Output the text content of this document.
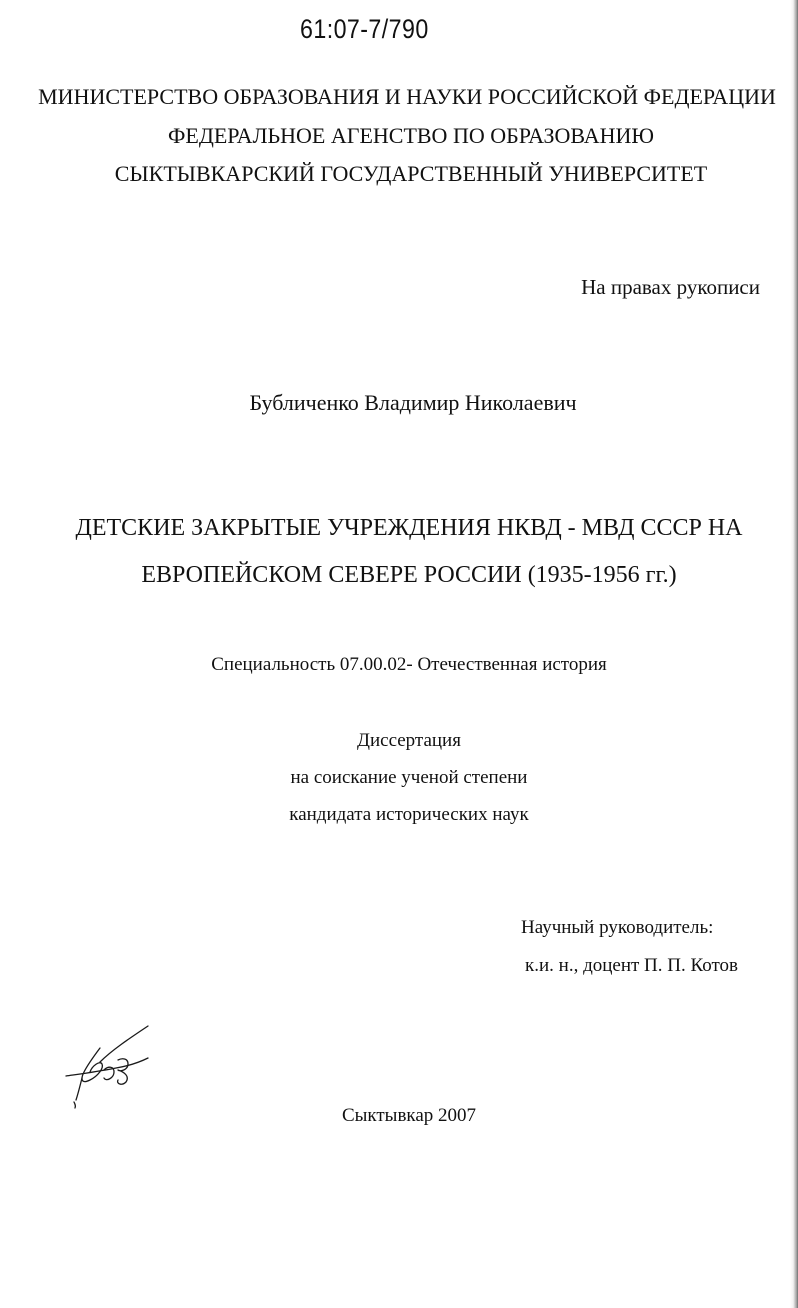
61:07-7/790
МИНИСТЕРСТВО ОБРАЗОВАНИЯ И НАУКИ РОССИЙСКОЙ ФЕДЕРАЦИИ
ФЕДЕРАЛЬНОЕ АГЕНСТВО ПО ОБРАЗОВАНИЮ
СЫКТЫВКАРСКИЙ ГОСУДАРСТВЕННЫЙ УНИВЕРСИТЕТ
На правах рукописи
Бубличенко Владимир Николаевич
ДЕТСКИЕ ЗАКРЫТЫЕ УЧРЕЖДЕНИЯ НКВД - МВД СССР НА
ЕВРОПЕЙСКОМ СЕВЕРЕ РОССИИ (1935-1956 гг.)
Специальность 07.00.02- Отечественная история
Диссертация
на соискание ученой степени
кандидата исторических наук
Научный руководитель:
к.и. н., доцент П. П. Котов
Сыктывкар 2007
